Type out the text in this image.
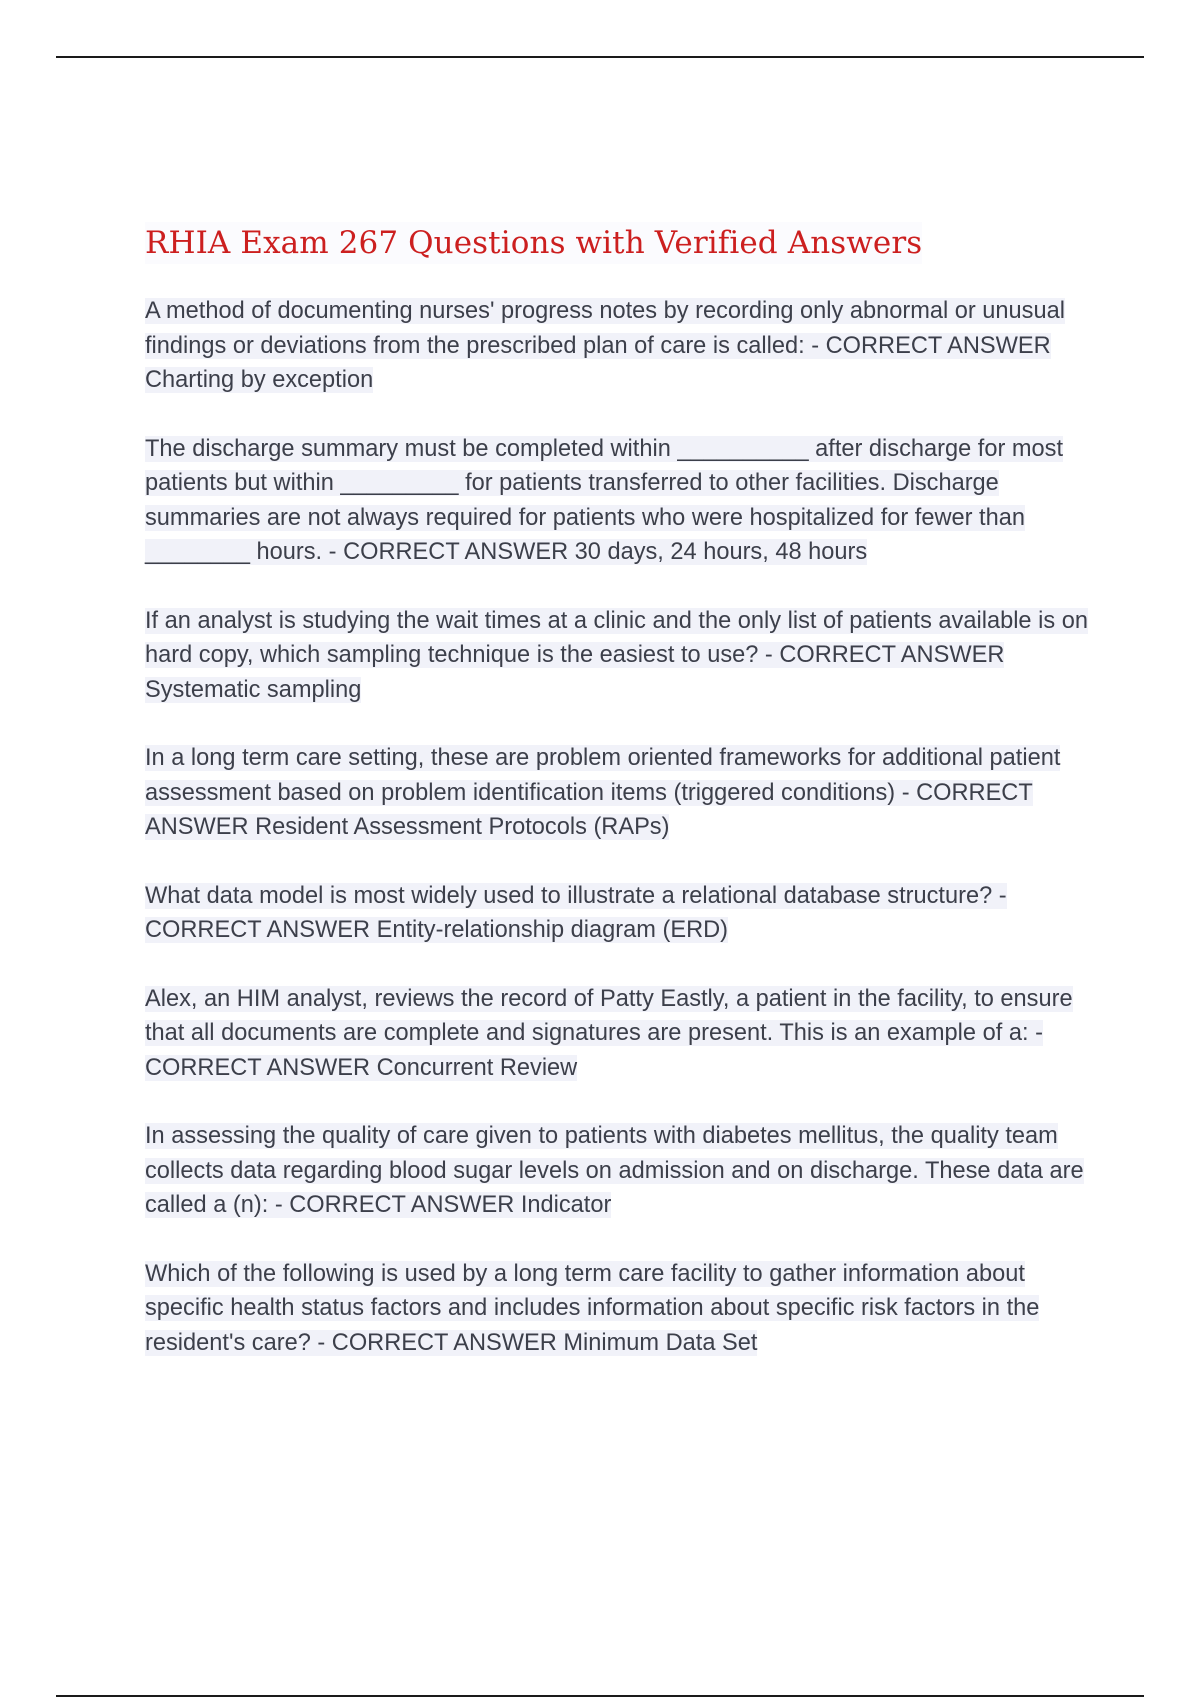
RHIA Exam 267 Questions with Verified Answers

A method of documenting nurses' progress notes by recording only abnormal or unusual findings or deviations from the prescribed plan of care is called: - CORRECT ANSWER Charting by exception

The discharge summary must be completed within __________ after discharge for most patients but within _________ for patients transferred to other facilities. Discharge summaries are not always required for patients who were hospitalized for fewer than ________ hours. - CORRECT ANSWER 30 days, 24 hours, 48 hours

If an analyst is studying the wait times at a clinic and the only list of patients available is on hard copy, which sampling technique is the easiest to use? - CORRECT ANSWER Systematic sampling

In a long term care setting, these are problem oriented frameworks for additional patient assessment based on problem identification items (triggered conditions) - CORRECT ANSWER Resident Assessment Protocols (RAPs)

What data model is most widely used to illustrate a relational database structure? - CORRECT ANSWER Entity-relationship diagram (ERD)

Alex, an HIM analyst, reviews the record of Patty Eastly, a patient in the facility, to ensure that all documents are complete and signatures are present. This is an example of a: - CORRECT ANSWER Concurrent Review

In assessing the quality of care given to patients with diabetes mellitus, the quality team collects data regarding blood sugar levels on admission and on discharge. These data are called a (n): - CORRECT ANSWER Indicator

Which of the following is used by a long term care facility to gather information about specific health status factors and includes information about specific risk factors in the resident's care? - CORRECT ANSWER Minimum Data Set
